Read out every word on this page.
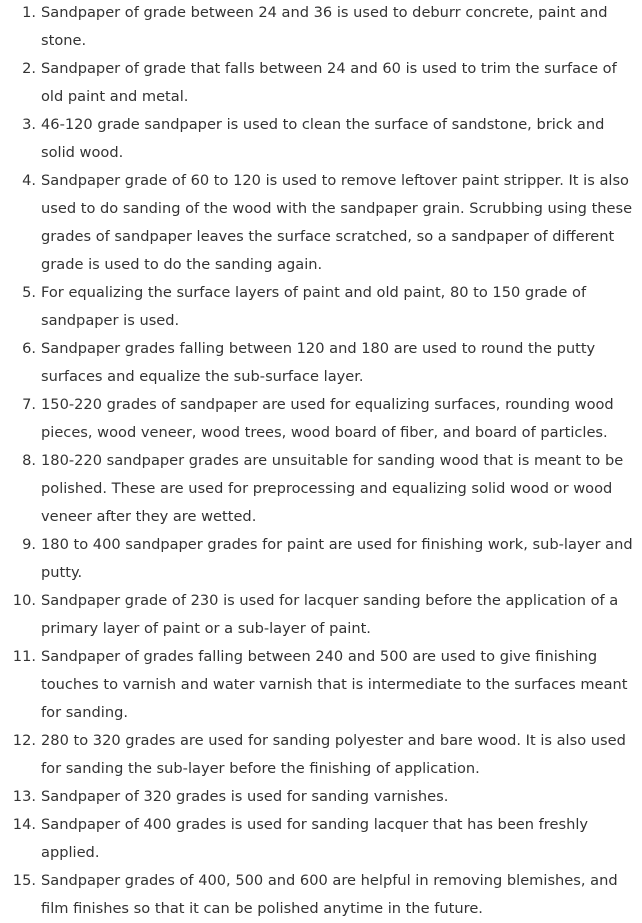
1. Sandpaper of grade between 24 and 36 is used to deburr concrete, paint and stone.
2. Sandpaper of grade that falls between 24 and 60 is used to trim the surface of old paint and metal.
3. 46-120 grade sandpaper is used to clean the surface of sandstone, brick and solid wood.
4. Sandpaper grade of 60 to 120 is used to remove leftover paint stripper. It is also used to do sanding of the wood with the sandpaper grain. Scrubbing using these grades of sandpaper leaves the surface scratched, so a sandpaper of different grade is used to do the sanding again.
5. For equalizing the surface layers of paint and old paint, 80 to 150 grade of sandpaper is used.
6. Sandpaper grades falling between 120 and 180 are used to round the putty surfaces and equalize the sub-surface layer.
7. 150-220 grades of sandpaper are used for equalizing surfaces, rounding wood pieces, wood veneer, wood trees, wood board of fiber, and board of particles.
8. 180-220 sandpaper grades are unsuitable for sanding wood that is meant to be polished. These are used for preprocessing and equalizing solid wood or wood veneer after they are wetted.
9. 180 to 400 sandpaper grades for paint are used for finishing work, sub-layer and putty.
10. Sandpaper grade of 230 is used for lacquer sanding before the application of a primary layer of paint or a sub-layer of paint.
11. Sandpaper of grades falling between 240 and 500 are used to give finishing touches to varnish and water varnish that is intermediate to the surfaces meant for sanding.
12. 280 to 320 grades are used for sanding polyester and bare wood. It is also used for sanding the sub-layer before the finishing of application.
13. Sandpaper of 320 grades is used for sanding varnishes.
14. Sandpaper of 400 grades is used for sanding lacquer that has been freshly applied.
15. Sandpaper grades of 400, 500 and 600 are helpful in removing blemishes, and film finishes so that it can be polished anytime in the future.
